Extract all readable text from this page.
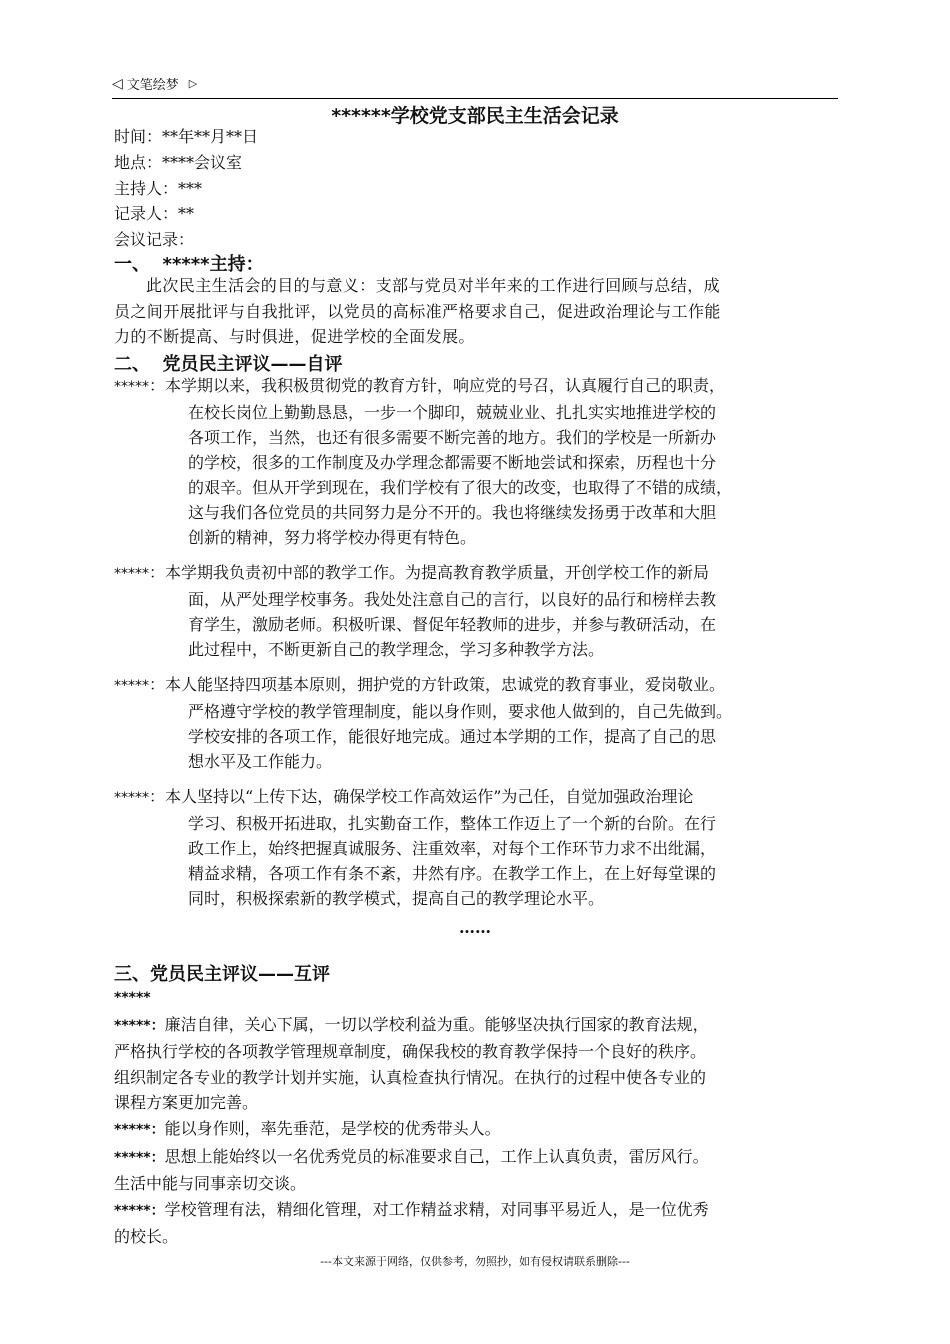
◁ 文笔绘梦 ▷
******学校党支部民主生活会记录
时间：**年**月**日
地点：****会议室
主持人：***
记录人：**
会议记录：
一、  *****主持：
此次民主生活会的目的与意义：支部与党员对半年来的工作进行回顾与总结，成
员之间开展批评与自我批评，以党员的高标准严格要求自己，促进政治理论与工作能
力的不断提高、与时俱进，促进学校的全面发展。
二、  党员民主评议——自评
*****：本学期以来，我积极贯彻党的教育方针，响应党的号召，认真履行自己的职责，
在校长岗位上勤勤恳恳，一步一个脚印，兢兢业业、扎扎实实地推进学校的
各项工作，当然，也还有很多需要不断完善的地方。我们的学校是一所新办
的学校，很多的工作制度及办学理念都需要不断地尝试和探索，历程也十分
的艰辛。但从开学到现在，我们学校有了很大的改变，也取得了不错的成绩，
这与我们各位党员的共同努力是分不开的。我也将继续发扬勇于改革和大胆
创新的精神，努力将学校办得更有特色。
*****：本学期我负责初中部的教学工作。为提高教育教学质量，开创学校工作的新局
面，从严处理学校事务。我处处注意自己的言行，以良好的品行和榜样去教
育学生，激励老师。积极听课、督促年轻教师的进步，并参与教研活动，在
此过程中，不断更新自己的教学理念，学习多种教学方法。
*****：本人能坚持四项基本原则，拥护党的方针政策，忠诚党的教育事业，爱岗敬业。
严格遵守学校的教学管理制度，能以身作则，要求他人做到的，自己先做到。
学校安排的各项工作，能很好地完成。通过本学期的工作，提高了自己的思
想水平及工作能力。
*****：本人坚持以“上传下达，确保学校工作高效运作”为己任，自觉加强政治理论
学习、积极开拓进取，扎实勤奋工作，整体工作迈上了一个新的台阶。在行
政工作上，始终把握真诚服务、注重效率，对每个工作环节力求不出纰漏，
精益求精，各项工作有条不紊，井然有序。在教学工作上，在上好每堂课的
同时，积极探索新的教学模式，提高自己的教学理论水平。
……
三、党员民主评议——互评
*****
*****：廉洁自律，关心下属，一切以学校利益为重。能够坚决执行国家的教育法规，
严格执行学校的各项教学管理规章制度，确保我校的教育教学保持一个良好的秩序。
组织制定各专业的教学计划并实施，认真检查执行情况。在执行的过程中使各专业的
课程方案更加完善。
*****：能以身作则，率先垂范，是学校的优秀带头人。
*****：思想上能始终以一名优秀党员的标准要求自己，工作上认真负责，雷厉风行。
生活中能与同事亲切交谈。
*****：学校管理有法，精细化管理，对工作精益求精，对同事平易近人，是一位优秀
的校长。
---本文来源于网络，仅供参考，勿照抄，如有侵权请联系删除---
